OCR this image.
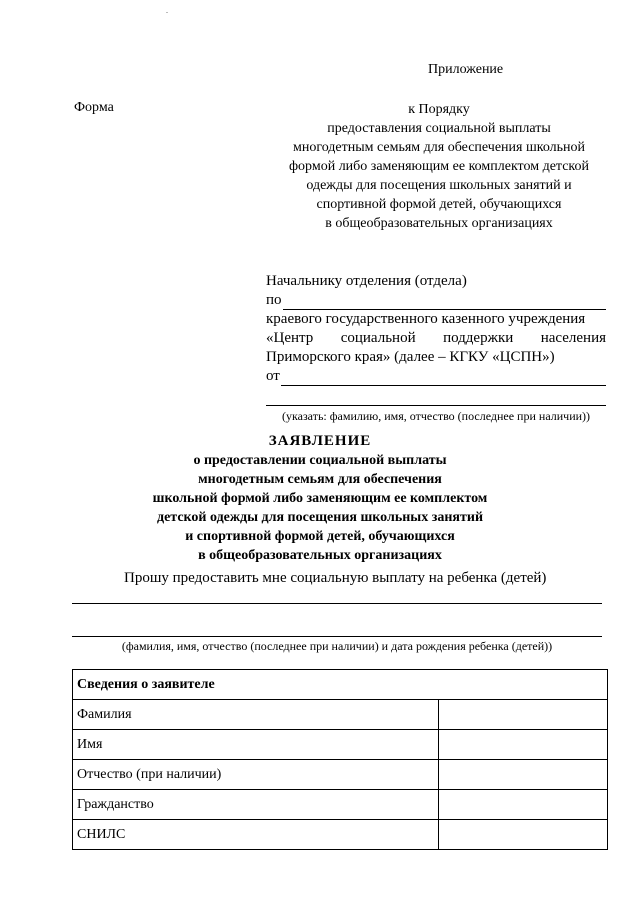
Приложение
Форма	к Порядку
предоставления социальной выплаты
многодетным семьям для обеспечения школьной
формой либо заменяющим ее комплектом детской
одежды для посещения школьных занятий и
спортивной формой детей, обучающихся
в общеобразовательных организациях
Начальнику отделения (отдела)
по
краевого государственного казенного учреждения
«Центр социальной поддержки населения
Приморского края» (далее – КГКУ «ЦСПН»)
от
(указать: фамилию, имя, отчество (последнее при наличии))
ЗАЯВЛЕНИЕ
о предоставлении социальной выплаты
многодетным семьям для обеспечения
школьной формой либо заменяющим ее комплектом
детской одежды для посещения школьных занятий
и спортивной формой детей, обучающихся
в общеобразовательных организациях
Прошу предоставить мне социальную выплату на ребенка (детей)
(фамилия, имя, отчество (последнее при наличии) и дата рождения ребенка (детей))
Сведения о заявителе	
Фамилия	
Имя	
Отчество (при наличии)	
Гражданство	
СНИЛС	
